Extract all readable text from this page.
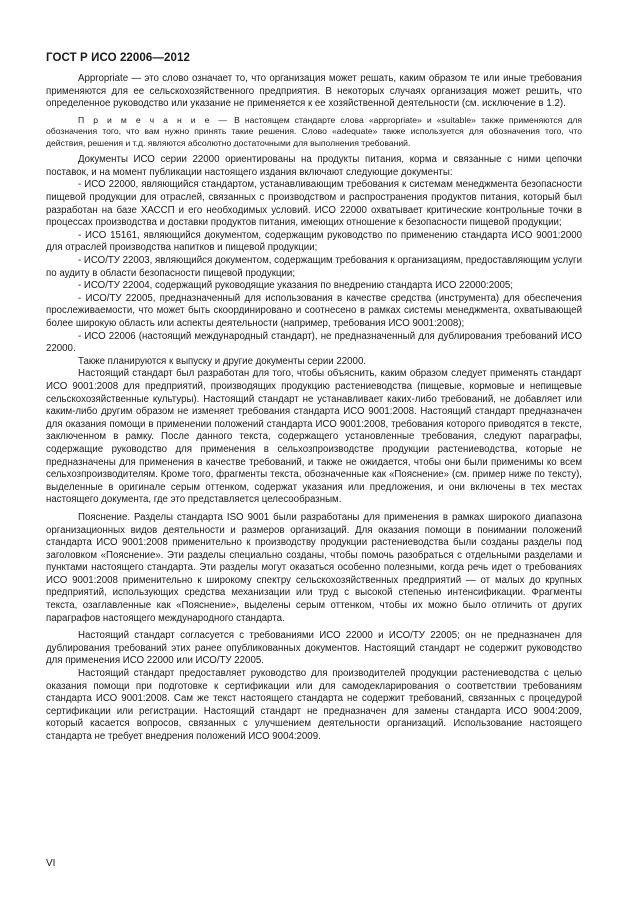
ГОСТ Р ИСО 22006—2012

Appropriate — это слово означает то, что организация может решать, каким образом те или иные требования применяются для ее сельскохозяйственного предприятия. В некоторых случаях организация может решить, что определенное руководство или указание не применяется к ее хозяйственной деятельности (см. исключение в 1.2).

П р и м е ч а н и е — В настоящем стандарте слова «appropriate» и «suitable» также применяются для обозначения того, что вам нужно принять такие решения. Слово «adequate» также используется для обозначения того, что действия, решения и т.д. являются абсолютно достаточными для выполнения требований.

Документы ИСО серии 22000 ориентированы на продукты питания, корма и связанные с ними цепочки поставок, и на момент публикации настоящего издания включают следующие документы:

- ИСО 22000, являющийся стандартом, устанавливающим требования к системам менеджмента безопасности пищевой продукции для отраслей, связанных с производством и распространения продуктов питания, который был разработан на базе ХАССП и его необходимых условий. ИСО 22000 охватывает критические контрольные точки в процессах производства и доставки продуктов питания, имеющих отношение к безопасности пищевой продукции;

- ИСО 15161, являющийся документом, содержащим руководство по применению стандарта ИСО 9001:2000 для отраслей производства напитков и пищевой продукции;

- ИСО/ТУ 22003, являющийся документом, содержащим требования к организациям, предоставляющим услуги по аудиту в области безопасности пищевой продукции;

- ИСО/ТУ 22004, содержащий руководящие указания по внедрению стандарта ИСО 22000:2005;

- ИСО/ТУ 22005, предназначенный для использования в качестве средства (инструмента) для обеспечения прослеживаемости, что может быть скоординировано и соотнесено в рамках системы менеджмента, охватывающей более широкую область или аспекты деятельности (например, требования ИСО 9001:2008);

- ИСО 22006 (настоящий международный стандарт), не предназначенный для дублирования требований ИСО 22000.

Также планируются к выпуску и другие документы серии 22000.

Настоящий стандарт был разработан для того, чтобы объяснить, каким образом следует применять стандарт ИСО 9001:2008 для предприятий, производящих продукцию растениеводства (пищевые, кормовые и непищевые сельскохозяйственные культуры). Настоящий стандарт не устанавливает каких-либо требований, не добавляет или каким-либо другим образом не изменяет требования стандарта ИСО 9001:2008. Настоящий стандарт предназначен для оказания помощи в применении положений стандарта ИСО 9001:2008, требования которого приводятся в тексте, заключенном в рамку. После данного текста, содержащего установленные требования, следуют параграфы, содержащие руководство для применения в сельхозпроизводстве продукции растениеводства, которые не предназначены для применения в качестве требований, и также не ожидается, чтобы они были применимы ко всем сельхозпроизводителям. Кроме того, фрагменты текста, обозначенные как «Пояснение» (см. пример ниже по тексту), выделенные в оригинале серым оттенком, содержат указания или предложения, и они включены в тех местах настоящего документа, где это представляется целесообразным.

Пояснение. Разделы стандарта ISO 9001 были разработаны для применения в рамках широкого диапазона организационных видов деятельности и размеров организаций. Для оказания помощи в понимании положений стандарта ИСО 9001:2008 применительно к производству продукции растениеводства были созданы разделы под заголовком «Пояснение». Эти разделы специально созданы, чтобы помочь разобраться с отдельными разделами и пунктами настоящего стандарта. Эти разделы могут оказаться особенно полезными, когда речь идет о требованиях ИСО 9001:2008 применительно к широкому спектру сельскохозяйственных предприятий — от малых до крупных предприятий, использующих средства механизации или труд с высокой степенью интенсификации. Фрагменты текста, озаглавленные как «Пояснение», выделены серым оттенком, чтобы их можно было отличить от других параграфов настоящего международного стандарта.

Настоящий стандарт согласуется с требованиями ИСО 22000 и ИСО/ТУ 22005; он не предназначен для дублирования требований этих ранее опубликованных документов. Настоящий стандарт не содержит руководство для применения ИСО 22000 или ИСО/ТУ 22005.

Настоящий стандарт предоставляет руководство для производителей продукции растениеводства с целью оказания помощи при подготовке к сертификации или для самодекларирования о соответствии требованиям стандарта ИСО 9001:2008. Сам же текст настоящего стандарта не содержит требований, связанных с процедурой сертификации или регистрации. Настоящий стандарт не предназначен для замены стандарта ИСО 9004:2009, который касается вопросов, связанных с улучшением деятельности организаций. Использование настоящего стандарта не требует внедрения положений ИСО 9004:2009.

VI
